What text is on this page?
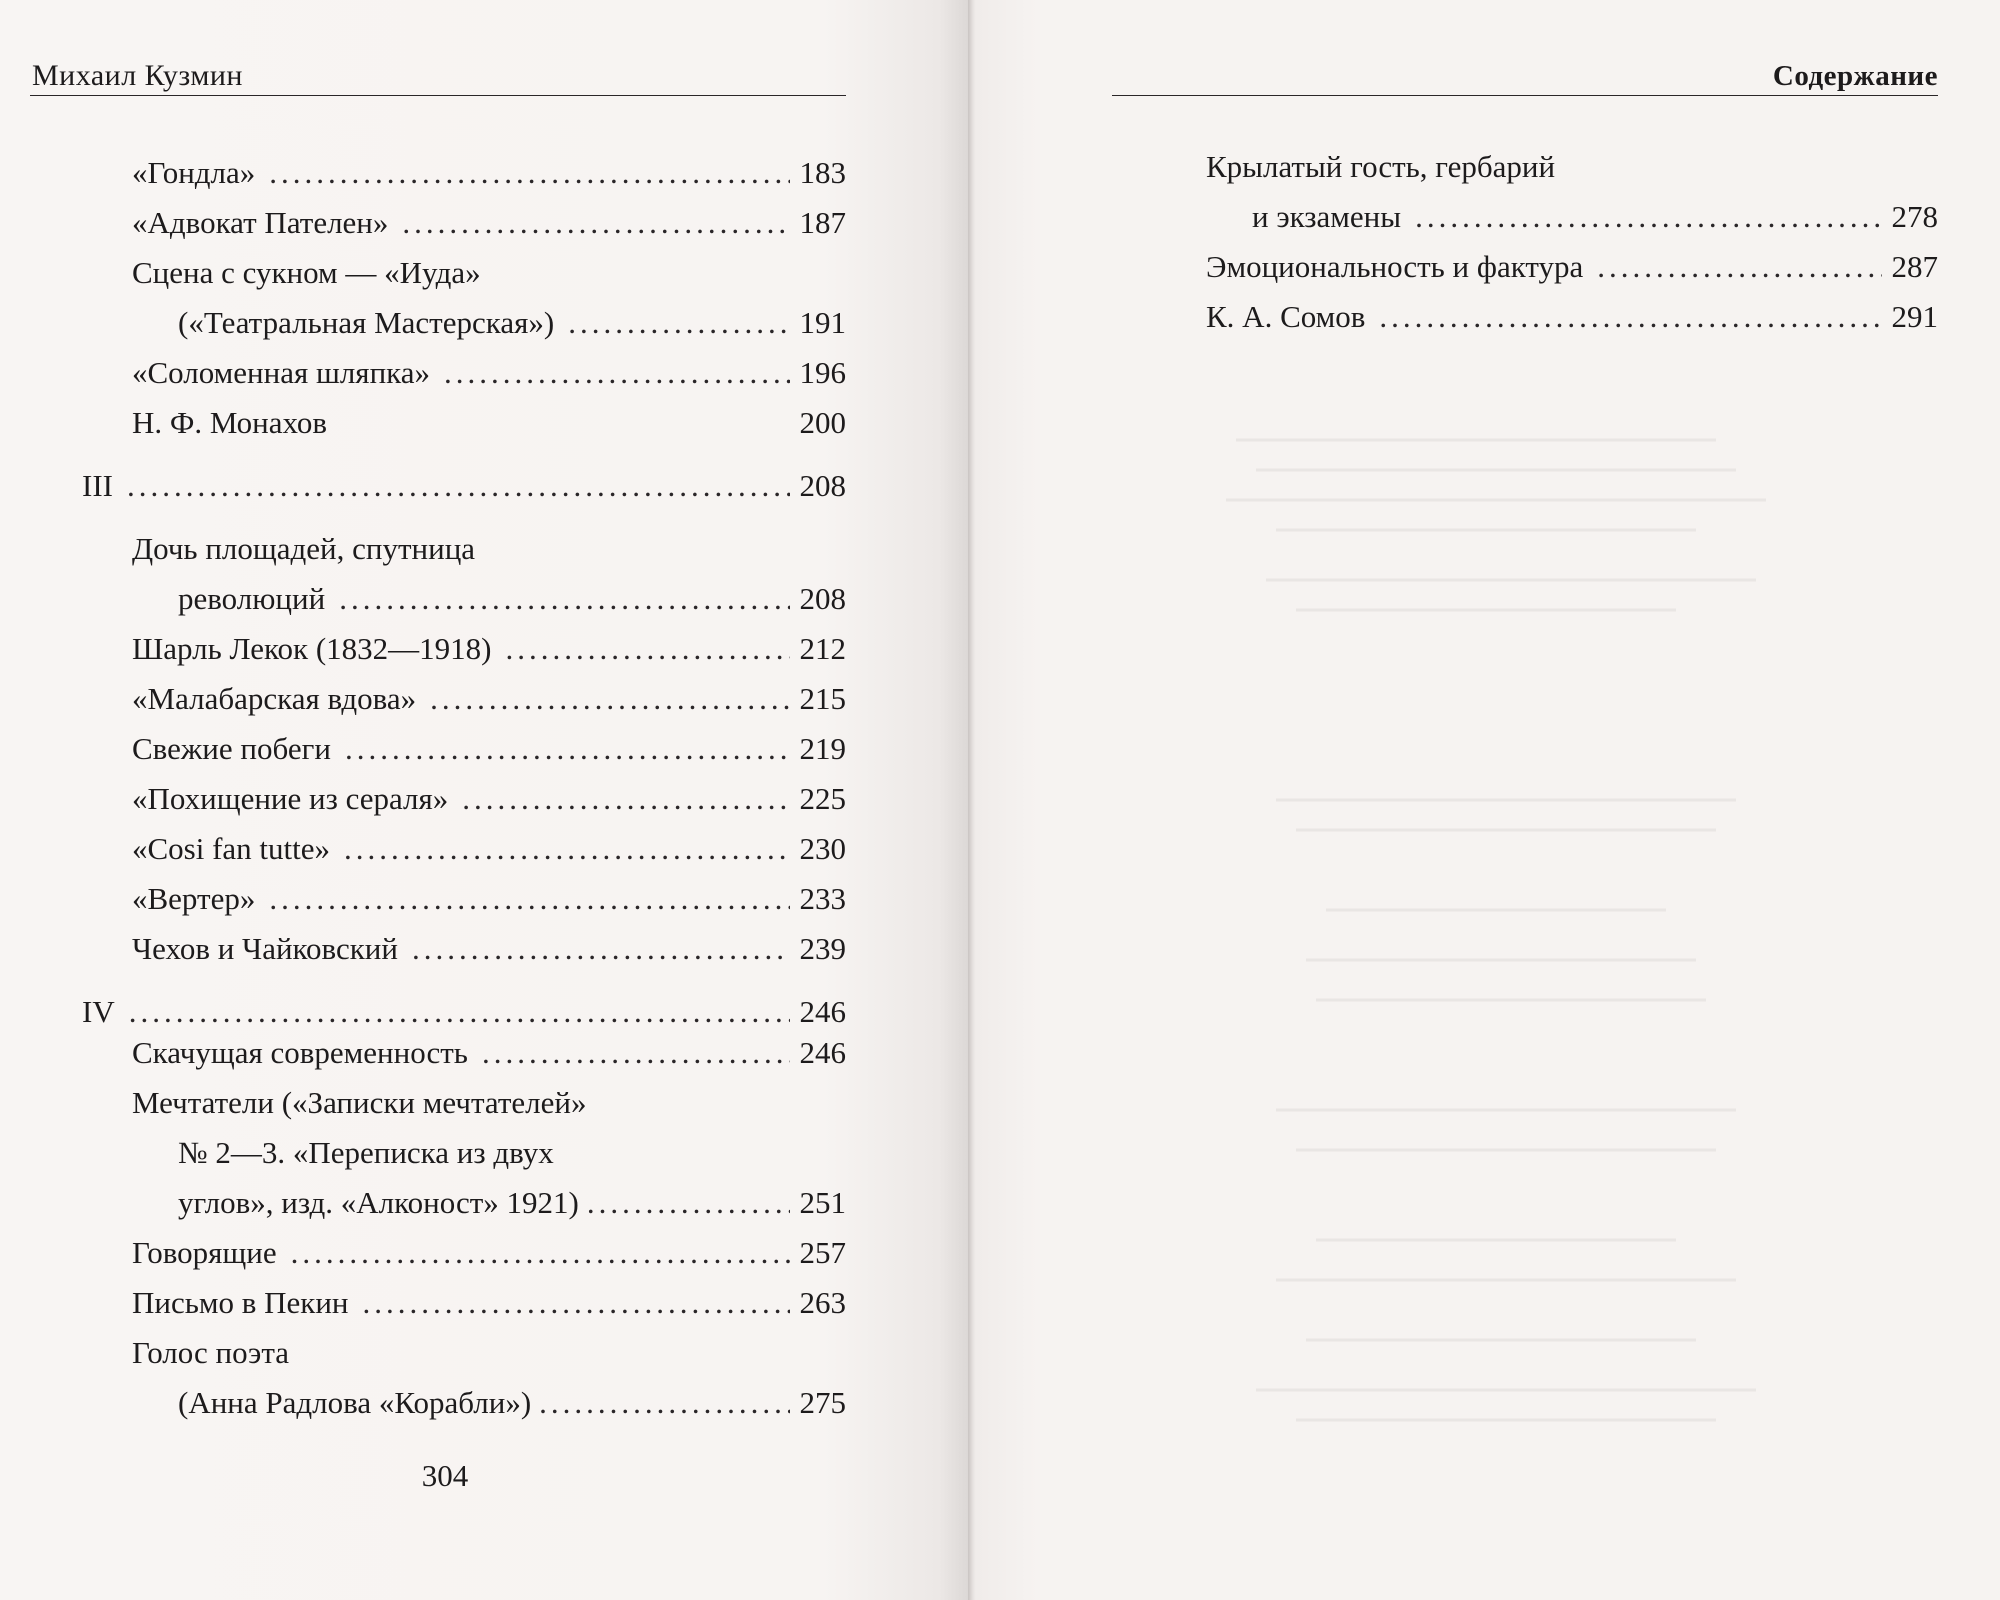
Михаил Кузмин
«Гондла» .....	183
«Адвокат Пателен» .....	187
Сцена с сукном — «Иуда»
(«Театральная Мастерская») .....	191
«Соломенная шляпка» .....	196
Н. Ф. Монахов	200
III .....	208
Дочь площадей, спутница
революций .....	208
Шарль Лекок (1832—1918) .....	212
«Малабарская вдова» .....	215
Свежие побеги .....	219
«Похищение из сераля» .....	225
«Cosi fan tutte» .....	230
«Вертер» .....	233
Чехов и Чайковский .....	239
IV .....	246
Скачущая современность .....	246
Мечтатели («Записки мечтателей»
№ 2—3. «Переписка из двух
углов», изд. «Алконост» 1921) .....	251
Говорящие .....	257
Письмо в Пекин .....	263
Голос поэта
(Анна Радлова «Корабли») .....	275
304
Содержание
Крылатый гость, гербарий
и экзамены .....	278
Эмоциональность и фактура .....	287
К. А. Сомов .....	291
